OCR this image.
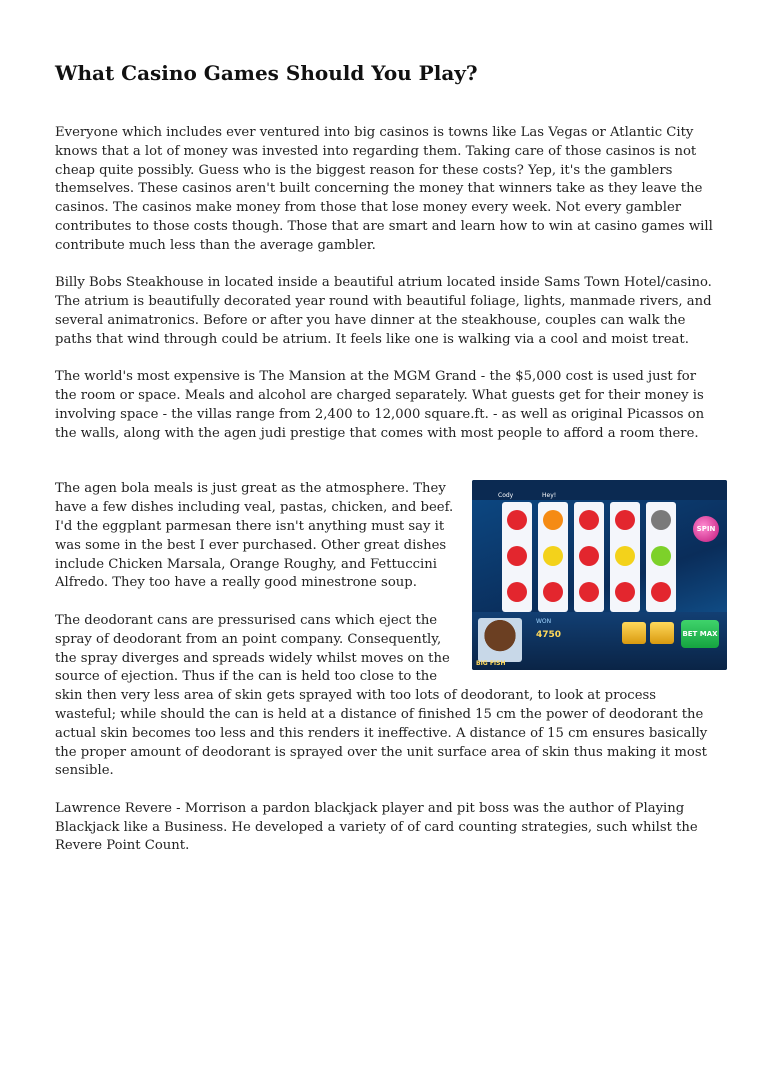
What Casino Games Should You Play?

Everyone which includes ever ventured into big casinos is towns like Las Vegas or Atlantic City knows that a lot of money was invested into regarding them. Taking care of those casinos is not cheap quite possibly. Guess who is the biggest reason for these costs? Yep, it's the gamblers themselves. These casinos aren't built concerning the money that winners take as they leave the casinos. The casinos make money from those that lose money every week. Not every gambler contributes to those costs though. Those that are smart and learn how to win at casino games will contribute much less than the average gambler.

Billy Bobs Steakhouse in located inside a beautiful atrium located inside Sams Town Hotel/casino. The atrium is beautifully decorated year round with beautiful foliage, lights, manmade rivers, and several animatronics. Before or after you have dinner at the steakhouse, couples can walk the paths that wind through could be atrium. It feels like one is walking via a cool and moist treat.

The world's most expensive is The Mansion at the MGM Grand - the $5,000 cost is used just for the room or space. Meals and alcohol are charged separately. What guests get for their money is involving space - the villas range from 2,400 to 12,000 square.ft. - as well as original Picassos on the walls, along with the agen judi prestige that comes with most people to afford a room there.

Cody	Hey!
SPIN
WON
4750	BET MAX
BIG FISH

The agen bola meals is just great as the atmosphere. They have a few dishes including veal, pastas, chicken, and beef. I'd the eggplant parmesan there isn't anything must say it was some in the best I ever purchased. Other great dishes include Chicken Marsala, Orange Roughy, and Fettuccini Alfredo. They too have a really good minestrone soup.

The deodorant cans are pressurised cans which eject the spray of deodorant from an point company. Consequently, the spray diverges and spreads widely whilst moves on the source of ejection. Thus if the can is held too close to the skin then very less area of skin gets sprayed with too lots of deodorant, to look at process wasteful; while should the can is held at a distance of finished 15 cm the power of deodorant the actual skin becomes too less and this renders it ineffective. A distance of 15 cm ensures basically the proper amount of deodorant is sprayed over the unit surface area of skin thus making it most sensible.

Lawrence Revere - Morrison a pardon blackjack player and pit boss was the author of Playing Blackjack like a Business. He developed a variety of of card counting strategies, such whilst the Revere Point Count.
